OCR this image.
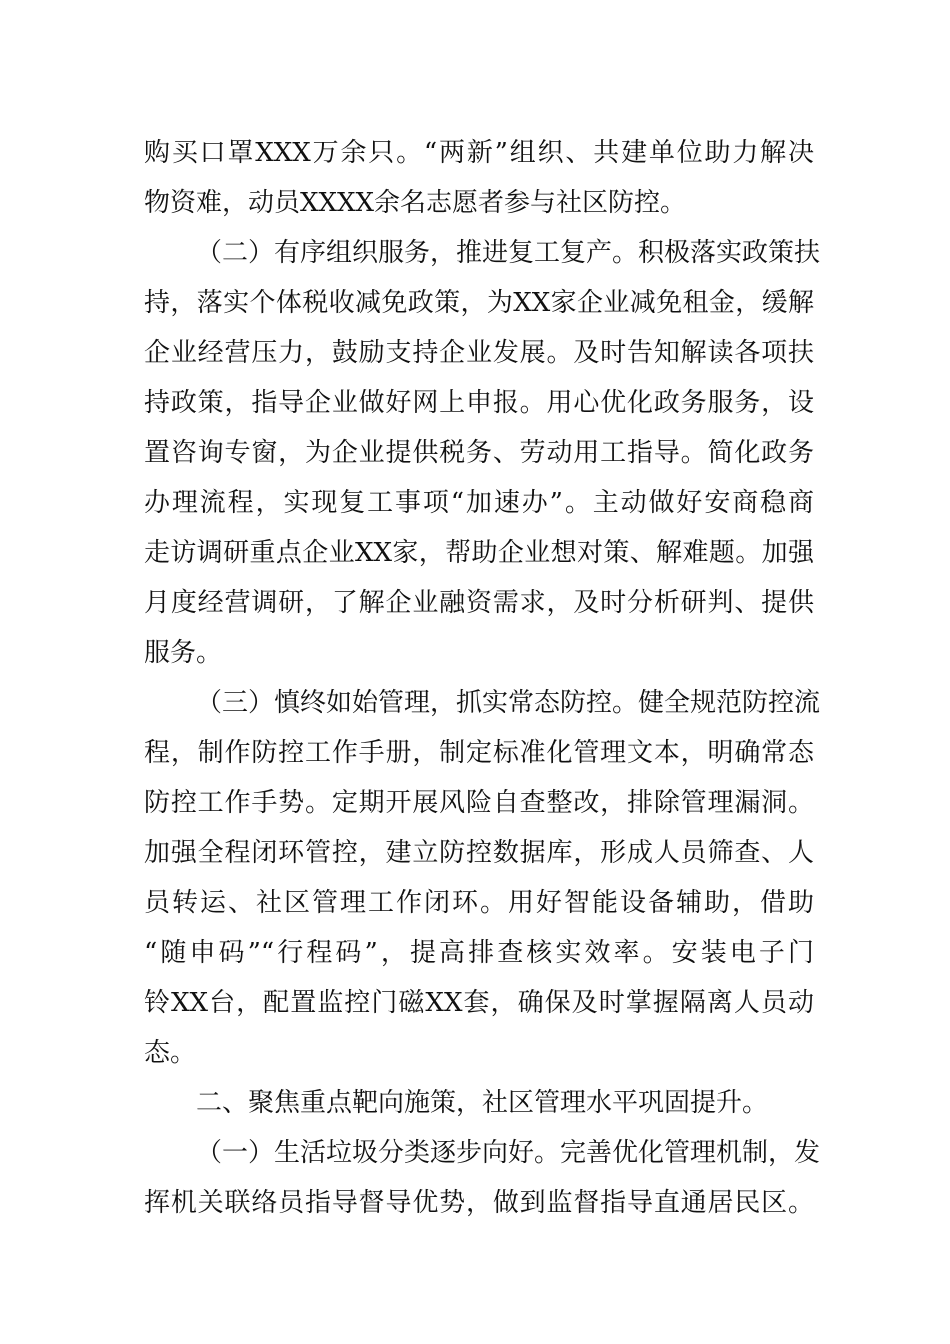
购买口罩XXX万余只。“两新”组织、共建单位助力解决
物资难，动员XXXX余名志愿者参与社区防控。
（二）有序组织服务，推进复工复产。积极落实政策扶
持，落实个体税收减免政策，为XX家企业减免租金，缓解
企业经营压力，鼓励支持企业发展。及时告知解读各项扶
持政策，指导企业做好网上申报。用心优化政务服务，设
置咨询专窗，为企业提供税务、劳动用工指导。简化政务
办理流程，实现复工事项“加速办”。主动做好安商稳商
走访调研重点企业XX家，帮助企业想对策、解难题。加强
月度经营调研，了解企业融资需求，及时分析研判、提供
服务。
（三）慎终如始管理，抓实常态防控。健全规范防控流
程，制作防控工作手册，制定标准化管理文本，明确常态
防控工作手势。定期开展风险自查整改，排除管理漏洞。
加强全程闭环管控，建立防控数据库，形成人员筛查、人
员转运、社区管理工作闭环。用好智能设备辅助，借助
“随申码”“行程码”，提高排查核实效率。安装电子门
铃XX台，配置监控门磁XX套，确保及时掌握隔离人员动
态。
二、聚焦重点靶向施策，社区管理水平巩固提升。
（一）生活垃圾分类逐步向好。完善优化管理机制，发
挥机关联络员指导督导优势，做到监督指导直通居民区。
